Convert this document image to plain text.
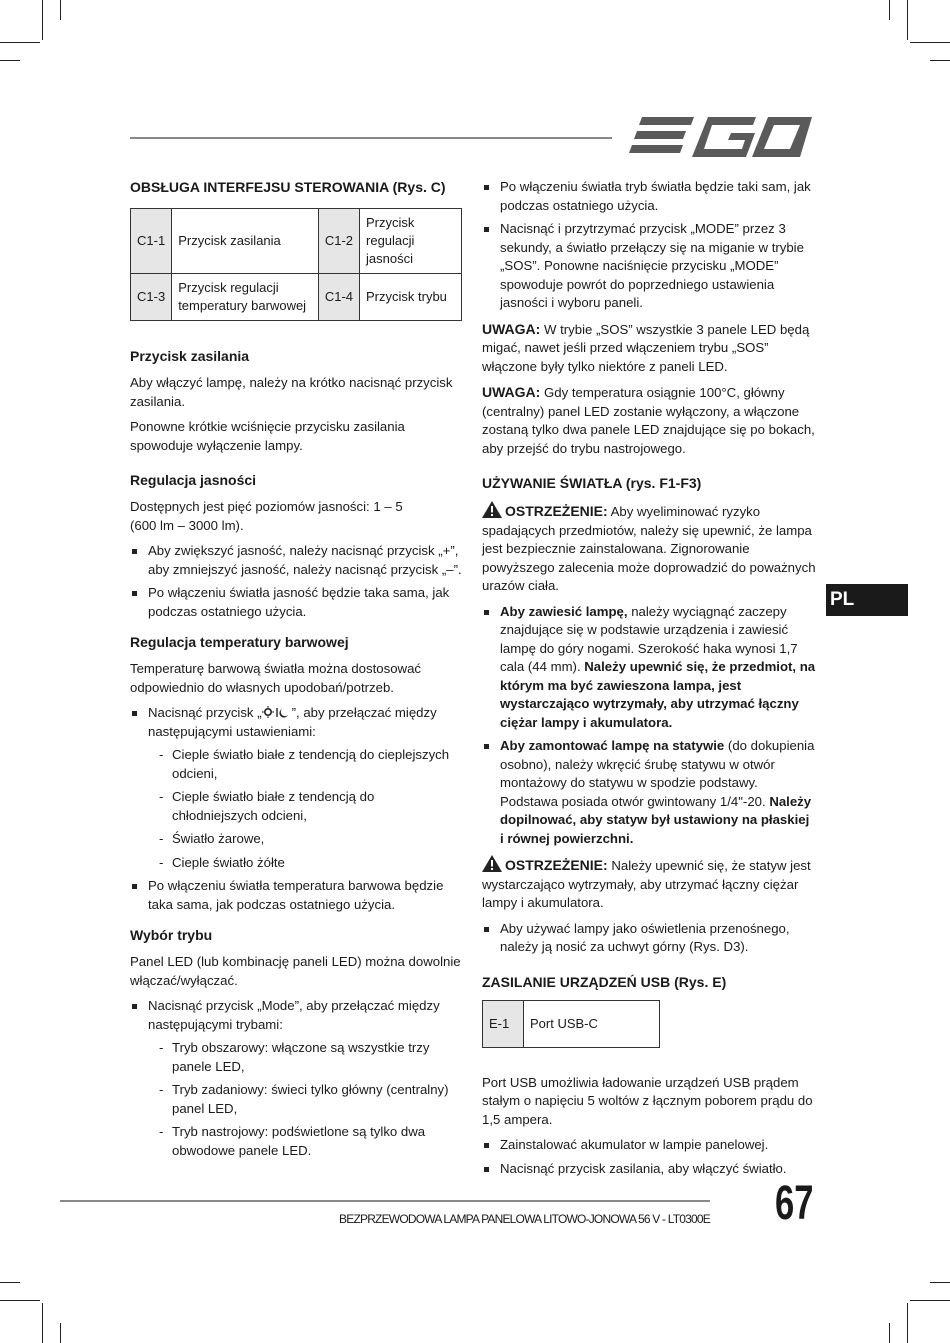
OBSŁUGA INTERFEJSU STEROWANIA (Rys. C)
C1-1	Przycisk zasilania	C1-2	Przycisk regulacji jasności
C1-3	Przycisk regulacji temperatury barwowej	C1-4	Przycisk trybu
Przycisk zasilania

Aby włączyć lampę, należy na krótko nacisnąć przycisk zasilania.

Ponowne krótkie wciśnięcie przycisku zasilania spowoduje wyłączenie lampy.

Regulacja jasności

Dostępnych jest pięć poziomów jasności: 1 – 5
(600 lm – 3000 lm).

Aby zwiększyć jasność, należy nacisnąć przycisk „+”, aby zmniejszyć jasność, należy nacisnąć przycisk „–”.
Po włączeniu światła jasność będzie taka sama, jak podczas ostatniego użycia.
Regulacja temperatury barwowej

Temperaturę barwową światła można dostosować odpowiednio do własnych upodobań/potrzeb.

Nacisnąć przycisk „ ”, aby przełączać między następującymi ustawieniami:
- Cieple światło białe z tendencją do cieplejszych odcieni,
- Cieple światło białe z tendencją do chłodniejszych odcieni,
- Światło żarowe,
- Cieple światło żółte
Po włączeniu światła temperatura barwowa będzie taka sama, jak podczas ostatniego użycia.
Wybór trybu

Panel LED (lub kombinację paneli LED) można dowolnie włączać/wyłączać.

Nacisnąć przycisk „Mode”, aby przełączać między następującymi trybami:
- Tryb obszarowy: włączone są wszystkie trzy panele LED,
- Tryb zadaniowy: świeci tylko główny (centralny) panel LED,
- Tryb nastrojowy: podświetlone są tylko dwa obwodowe panele LED.
Po włączeniu światła tryb światła będzie taki sam, jak podczas ostatniego użycia.
Nacisnąć i przytrzymać przycisk „MODE” przez 3 sekundy, a światło przełączy się na miganie w trybie „SOS”. Ponowne naciśnięcie przycisku „MODE” spowoduje powrót do poprzedniego ustawienia jasności i wyboru paneli.

UWAGA: W trybie „SOS” wszystkie 3 panele LED będą migać, nawet jeśli przed włączeniem trybu „SOS” włączone były tylko niektóre z paneli LED.

UWAGA: Gdy temperatura osiągnie 100°C, główny (centralny) panel LED zostanie wyłączony, a włączone zostaną tylko dwa panele LED znajdujące się po bokach, aby przejść do trybu nastrojowego.

UŻYWANIE ŚWIATŁA (rys. F1-F3)

OSTRZEŻENIE: Aby wyeliminować ryzyko spadających przedmiotów, należy się upewnić, że lampa jest bezpiecznie zainstalowana. Zignorowanie powyższego zalecenia może doprowadzić do poważnych urazów ciała.

Aby zawiesić lampę, należy wyciągnąć zaczepy znajdujące się w podstawie urządzenia i zawiesić lampę do góry nogami. Szerokość haka wynosi 1,7 cala (44 mm). Należy upewnić się, że przedmiot, na którym ma być zawieszona lampa, jest wystarczająco wytrzymały, aby utrzymać łączny ciężar lampy i akumulatora.
Aby zamontować lampę na statywie (do dokupienia osobno), należy wkręcić śrubę statywu w otwór montażowy do statywu w spodzie podstawy. Podstawa posiada otwór gwintowany 1/4"-20. Należy dopilnować, aby statyw był ustawiony na płaskiej i równej powierzchni.

OSTRZEŻENIE: Należy upewnić się, że statyw jest wystarczająco wytrzymały, aby utrzymać łączny ciężar lampy i akumulatora.

Aby używać lampy jako oświetlenia przenośnego, należy ją nosić za uchwyt górny (Rys. D3).
ZASILANIE URZĄDZEŃ USB (Rys. E)
E-1	Port USB-C

Port USB umożliwia ładowanie urządzeń USB prądem stałym o napięciu 5 woltów z łącznym poborem prądu do 1,5 ampera.

Zainstalować akumulator w lampie panelowej.
Nacisnąć przycisk zasilania, aby włączyć światło.
PL
BEZPRZEWODOWA LAMPA PANELOWA LITOWO-JONOWA 56 V - LT0300E 67
